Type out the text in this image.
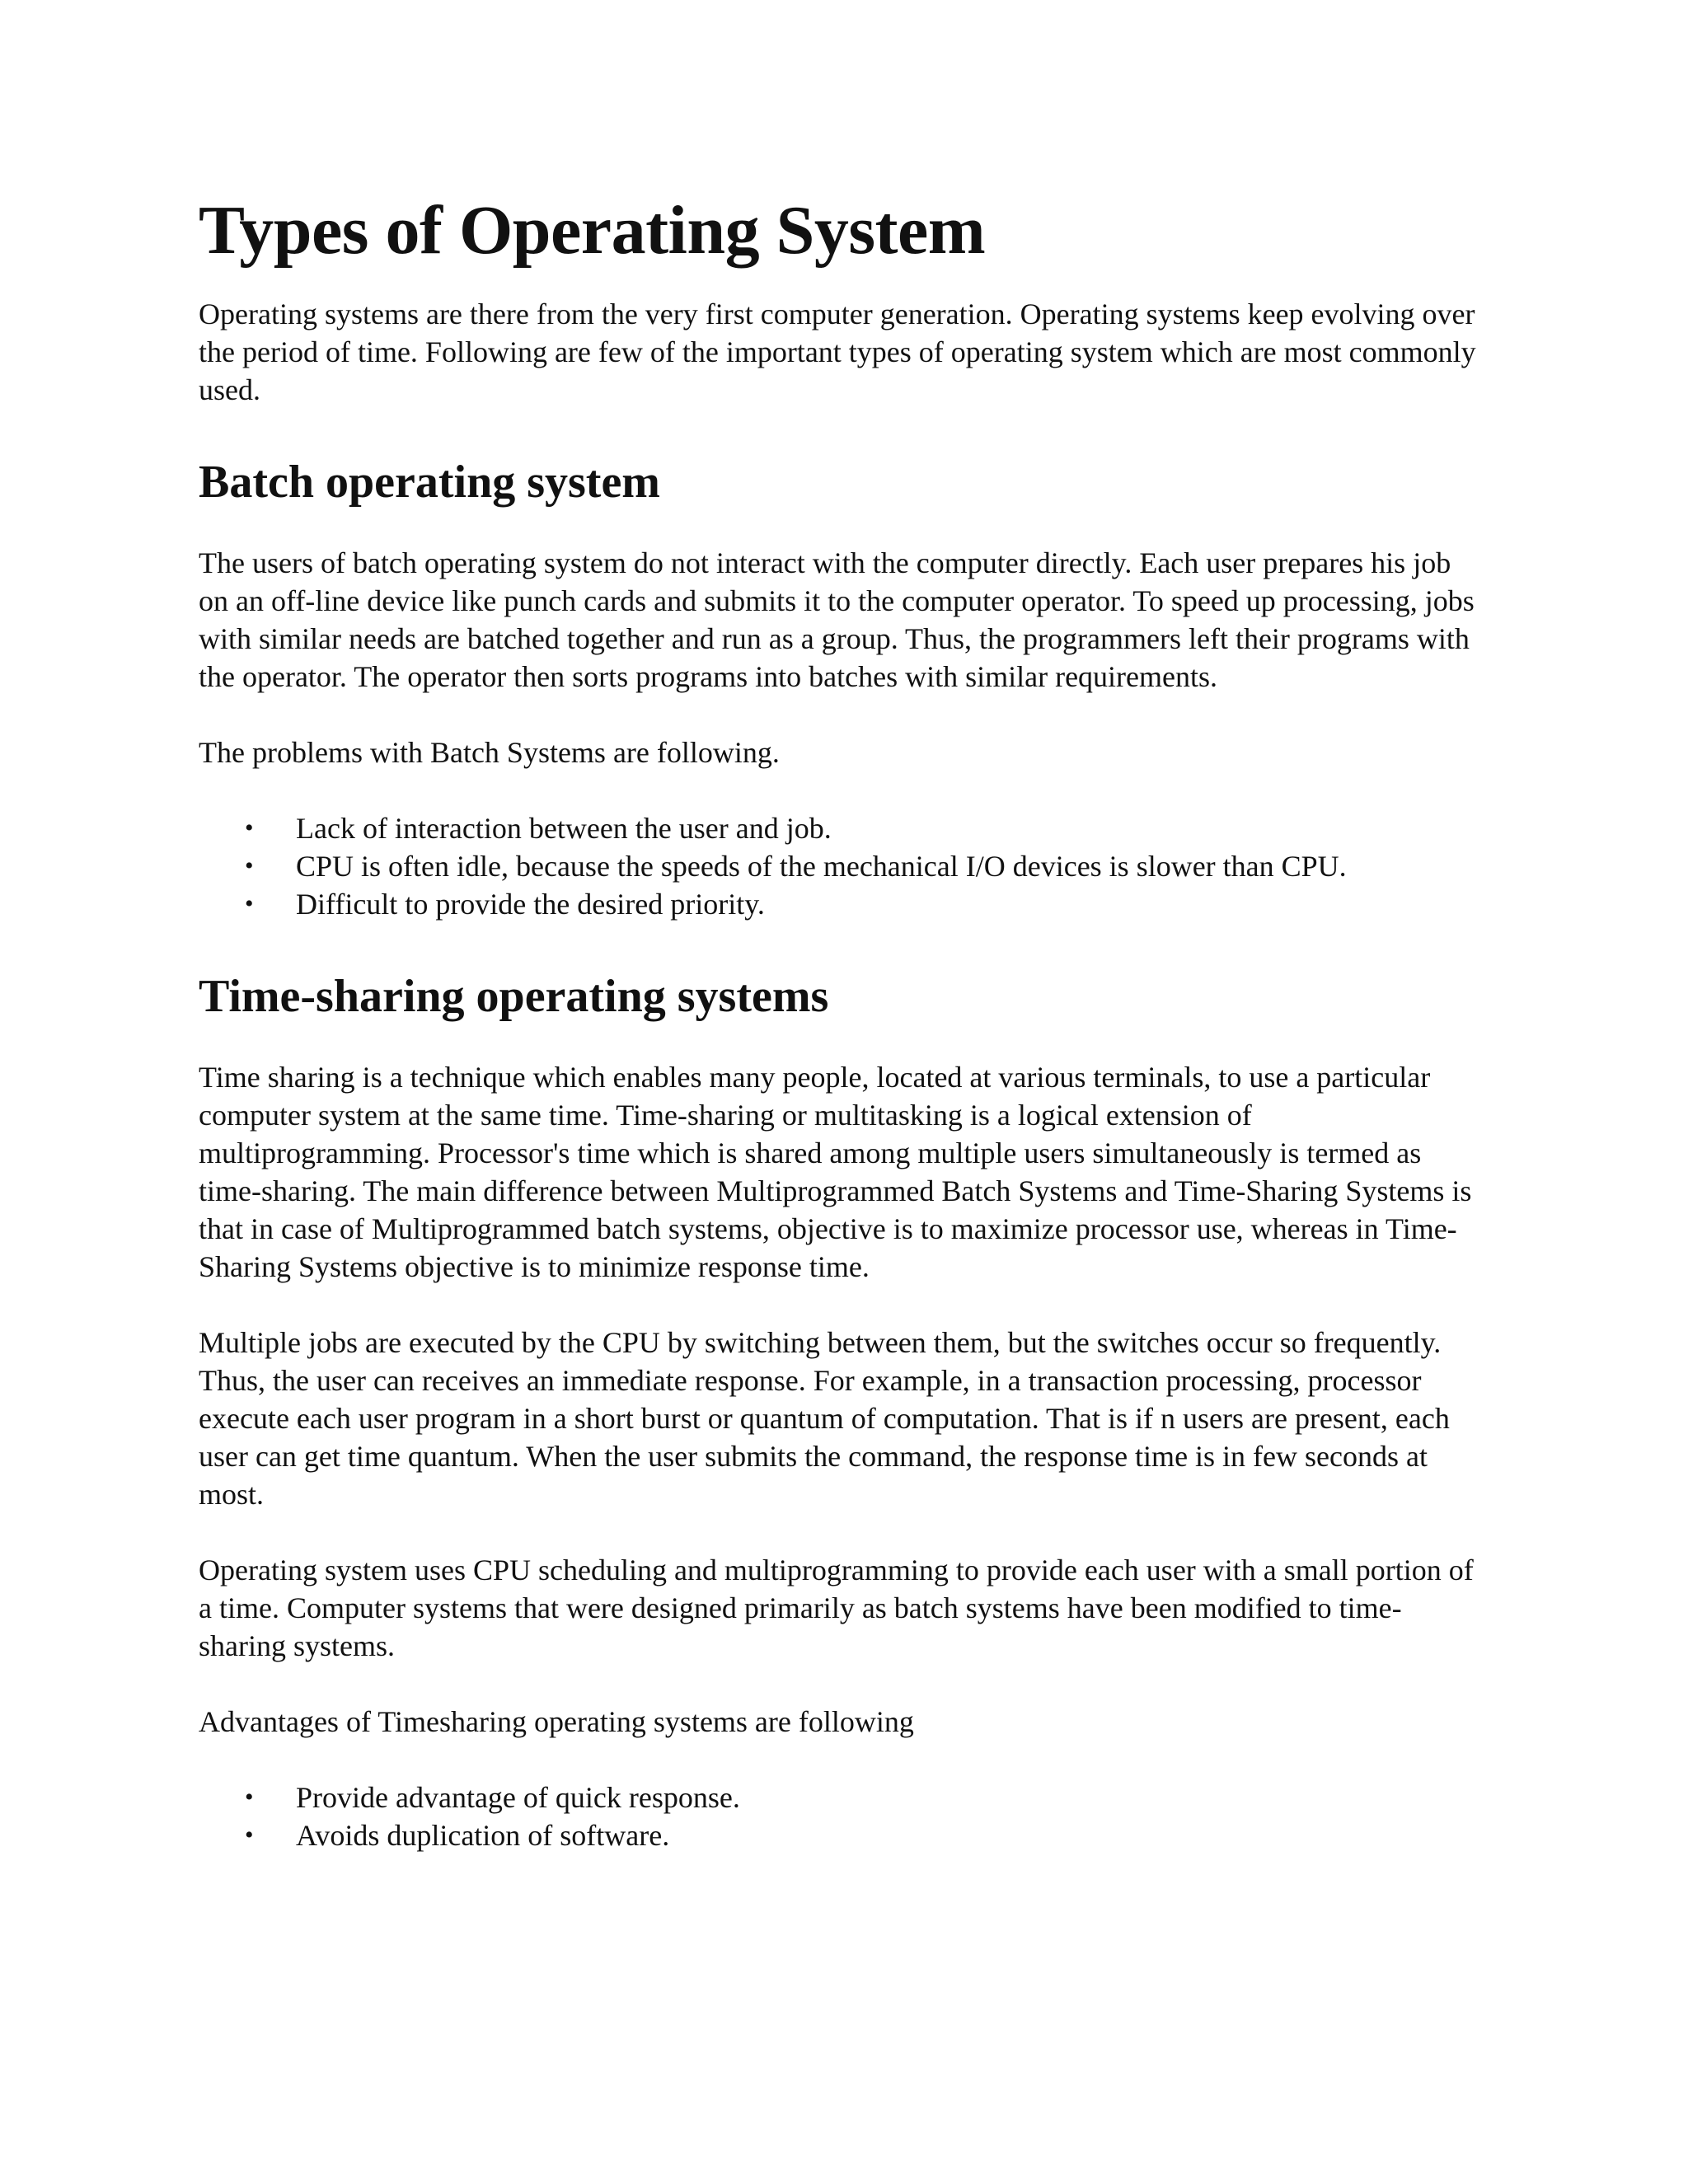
Types of Operating System

Operating systems are there from the very first computer generation. Operating systems keep evolving over the period of time. Following are few of the important types of operating system which are most commonly used.

Batch operating system

The users of batch operating system do not interact with the computer directly. Each user prepares his job on an off-line device like punch cards and submits it to the computer operator. To speed up processing, jobs with similar needs are batched together and run as a group. Thus, the programmers left their programs with the operator. The operator then sorts programs into batches with similar requirements.

The problems with Batch Systems are following.

• Lack of interaction between the user and job.
• CPU is often idle, because the speeds of the mechanical I/O devices is slower than CPU.
• Difficult to provide the desired priority.
Time-sharing operating systems

Time sharing is a technique which enables many people, located at various terminals, to use a particular computer system at the same time. Time-sharing or multitasking is a logical extension of multiprogramming. Processor's time which is shared among multiple users simultaneously is termed as time-sharing. The main difference between Multiprogrammed Batch Systems and Time-Sharing Systems is that in case of Multiprogrammed batch systems, objective is to maximize processor use, whereas in Time-Sharing Systems objective is to minimize response time.

Multiple jobs are executed by the CPU by switching between them, but the switches occur so frequently. Thus, the user can receives an immediate response. For example, in a transaction processing, processor execute each user program in a short burst or quantum of computation. That is if n users are present, each user can get time quantum. When the user submits the command, the response time is in few seconds at most.

Operating system uses CPU scheduling and multiprogramming to provide each user with a small portion of a time. Computer systems that were designed primarily as batch systems have been modified to time-sharing systems.

Advantages of Timesharing operating systems are following

• Provide advantage of quick response.
• Avoids duplication of software.
